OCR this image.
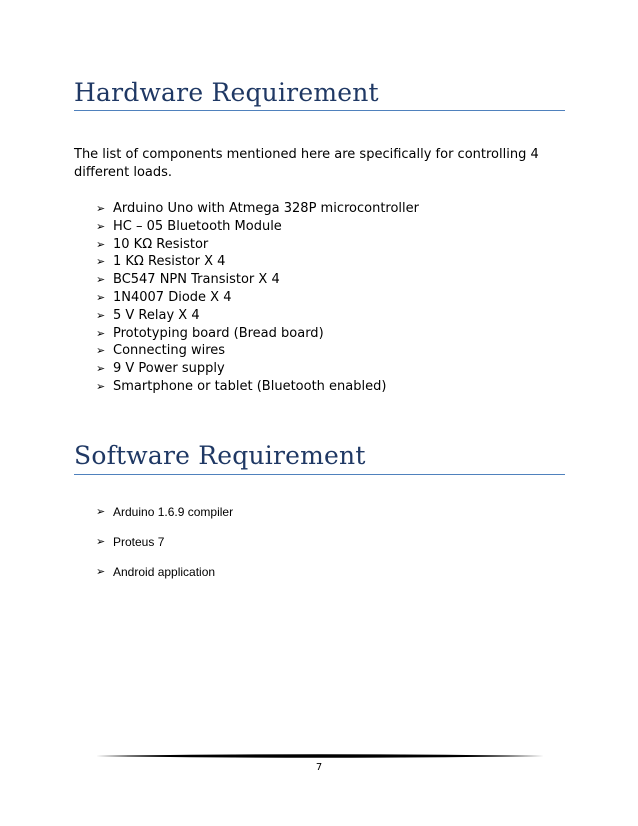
Hardware Requirement

The list of components mentioned here are specifically for controlling 4 different loads.

➢ Arduino Uno with Atmega 328P microcontroller
➢ HC – 05 Bluetooth Module
➢ 10 KΩ Resistor
➢ 1 KΩ Resistor X 4
➢ BC547 NPN Transistor X 4
➢ 1N4007 Diode X 4
➢ 5 V Relay X 4
➢ Prototyping board (Bread board)
➢ Connecting wires
➢ 9 V Power supply
➢ Smartphone or tablet (Bluetooth enabled)
Software Requirement
➢ Arduino 1.6.9 compiler
➢ Proteus 7
➢ Android application
7
